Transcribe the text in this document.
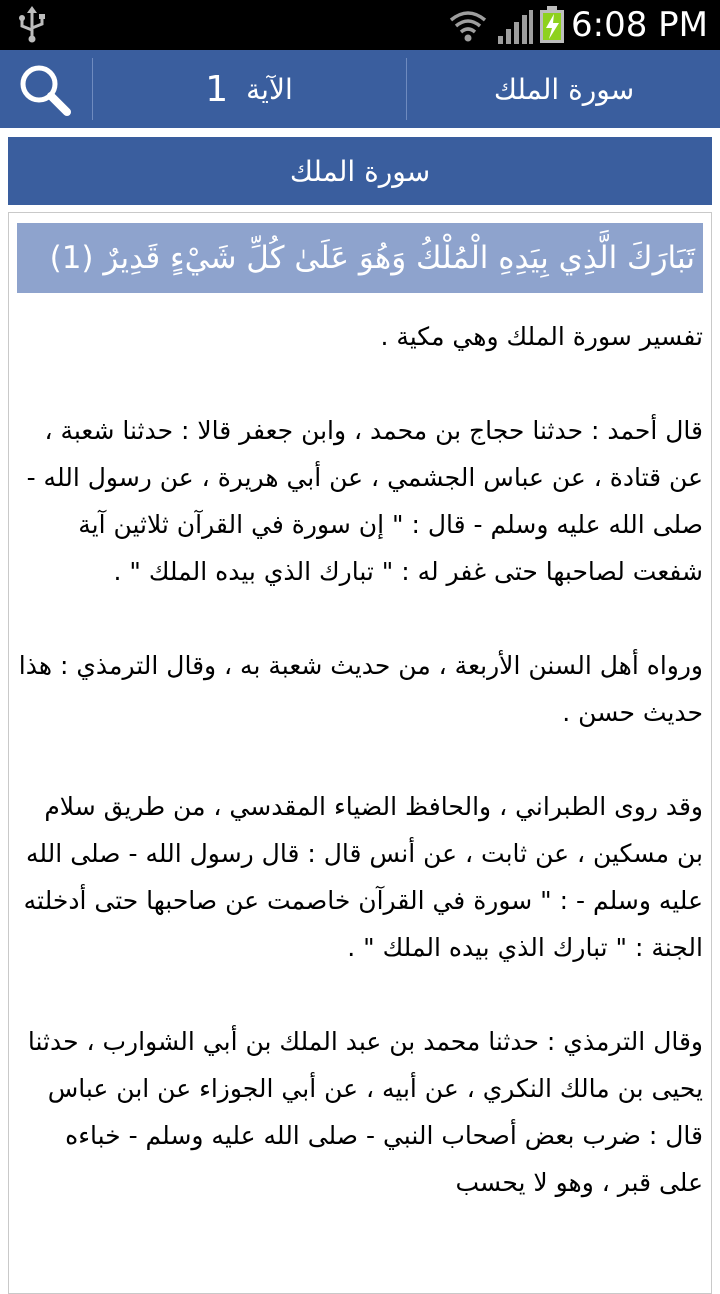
6:08 PM
الآية
1	سورة الملك
سورة الملك
تَبَارَكَ الَّذِي بِيَدِهِ الْمُلْكُ وَهُوَ عَلَىٰ كُلِّ شَيْءٍ قَدِيرٌ (1)

تفسير سورة الملك وهي مكية .

قال أحمد : حدثنا حجاج بن محمد ، وابن جعفر قالا : حدثنا شعبة ، عن قتادة ، عن عباس الجشمي ، عن أبي هريرة ، عن رسول الله - صلى الله عليه وسلم - قال : " إن سورة في القرآن ثلاثين آية شفعت لصاحبها حتى غفر له : " تبارك الذي بيده الملك " .

ورواه أهل السنن الأربعة ، من حديث شعبة به ، وقال الترمذي : هذا حديث حسن .

وقد روى الطبراني ، والحافظ الضياء المقدسي ، من طريق سلام بن مسكين ، عن ثابت ، عن أنس قال : قال رسول الله - صلى الله عليه وسلم - : " سورة في القرآن خاصمت عن صاحبها حتى أدخلته الجنة : " تبارك الذي بيده الملك " .

وقال الترمذي : حدثنا محمد بن عبد الملك بن أبي الشوارب ، حدثنا يحيى بن مالك النكري ، عن أبيه ، عن أبي الجوزاء عن ابن عباس قال : ضرب بعض أصحاب النبي - صلى الله عليه وسلم - خباءه على قبر ، وهو لا يحسب
